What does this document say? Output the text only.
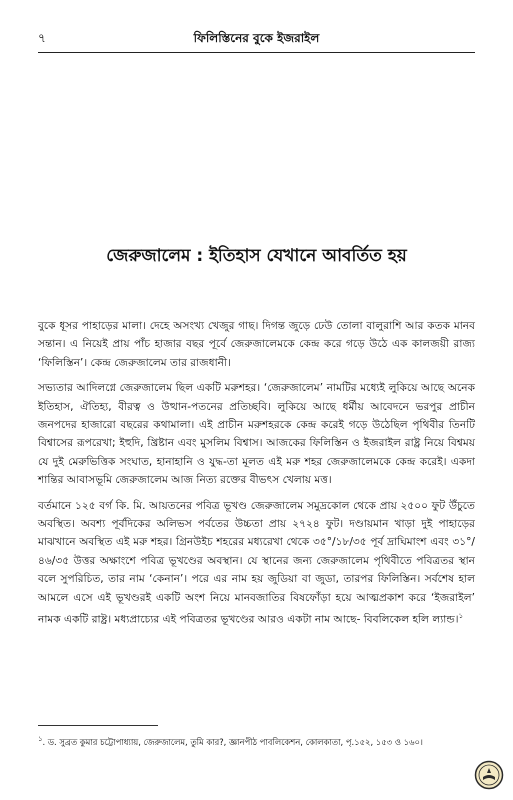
৭	ফিলিস্তিনের বুকে ইজরাইল
জেরুজালেম : ইতিহাস যেখানে আবর্তিত হয়

বুকে ধূসর পাহাড়ের মালা। দেহে অসংখ্য খেজুর গাছ। দিগন্ত জুড়ে ঢেউ তোলা বালুরাশি আর কতক মানব সন্তান। এ নিয়েই প্রায় পাঁচ হাজার বছর পূর্বে জেরুজালেমকে কেন্দ্র করে গড়ে উঠে এক কালজয়ী রাজ্য ‘ফিলিস্তিন’। কেন্দ্র জেরুজালেম তার রাজধানী।

সভ্যতার আদিলগ্নে জেরুজালেম ছিল একটি মরুশহর। ‘জেরুজালেম’ নামটির মধ্যেই লুকিয়ে আছে অনেক ইতিহাস, ঐতিহ্য, বীরত্ব ও উত্থান-পতনের প্রতিচ্ছবি। লুকিয়ে আছে ধর্মীয় আবেদনে ভরপুর প্রাচীন জনপদের হাজারো বছরের কথামালা। এই প্রাচীন মরুশহরকে কেন্দ্র করেই গড়ে উঠেছিল পৃথিবীর তিনটি বিশ্বাসের রূপরেখা; ইহুদি, খ্রিষ্টান এবং মুসলিম বিশ্বাস। আজকের ফিলিস্তিন ও ইজরাইল রাষ্ট্র নিয়ে বিশ্বময় যে দুই মেরুভিত্তিক সংঘাত, হানাহানি ও যুদ্ধ-তা মূলত এই মরু শহর জেরুজালেমকে কেন্দ্র করেই। একদা শান্তির আবাসভূমি জেরুজালেম আজ নিত্য রক্তের বীভৎস খেলায় মত্ত।

বর্তমানে ১২৫ বর্গ কি. মি. আয়তনের পবিত্র ভূখণ্ড জেরুজালেম সমুদ্রকোল থেকে প্রায় ২৫০০ ফুট উঁচুতে অবস্থিত। অবশ্য পূর্বদিকের অলিভস পর্বতের উচ্চতা প্রায় ২৭২৪ ফুট। দণ্ডায়মান খাড়া দুই পাহাড়ের মাঝখানে অবস্থিত এই মরু শহর। গ্রিনউইচ শহরের মধ্যরেখা থেকে ৩৫°/১৮/৩৫ পূর্ব দ্রাঘিমাংশ এবং ৩১°/৪৬/৩৫ উত্তর অক্ষাংশে পবিত্র ভূখণ্ডের অবস্থান। যে স্থানের জন্য জেরুজালেম পৃথিবীতে পবিত্রতর স্থান বলে সুপরিচিত, তার নাম ‘কেনান’। পরে এর নাম হয় জুডিয়া বা জুডা, তারপর ফিলিস্তিন। সর্বশেষ হাল আমলে এসে এই ভূখণ্ডরই একটি অংশ নিয়ে মানবজাতির বিষফোঁড়া হয়ে আত্মপ্রকাশ করে ‘ইজরাইল’ নামক একটি রাষ্ট্র। মধ্যপ্রাচ্যের এই পবিত্রতর ভূখণ্ডের আরও একটা নাম আছে- বিবলিকেল হলি ল্যান্ড।$^১$

$^১$. ড. সুব্রত কুমার চট্টোপাধ্যায়, জেরুজালেম, তুমি কার?, জ্ঞানপীঠ পাবলিকেশন, কোলকাতা, পৃ.১৫২, ১৫৩ ও ১৬০।
